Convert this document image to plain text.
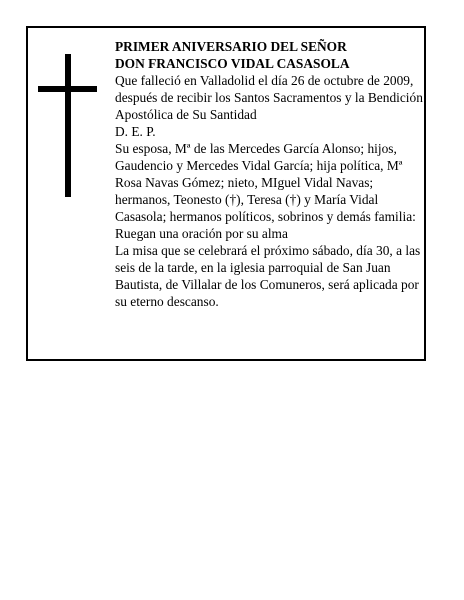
PRIMER ANIVERSARIO DEL SEÑOR

DON FRANCISCO VIDAL CASASOLA

Que falleció en Valladolid el día 26 de octubre de 2009, después de recibir los Santos Sacramentos y la Bendición Apostólica de Su Santidad

D. E. P.

Su esposa, Mª de las Mercedes García Alonso; hijos, Gaudencio y Mercedes Vidal García; hija política, Mª Rosa Navas Gómez; nieto, MIguel Vidal Navas; hermanos, Teonesto (†), Teresa (†) y María Vidal Casasola; hermanos políticos, sobrinos y demás familia:

Ruegan una oración por su alma

La misa que se celebrará el próximo sábado, día 30, a las seis de la tarde, en la iglesia parroquial de San Juan Bautista, de Villalar de los Comuneros, será aplicada por su eterno descanso.
